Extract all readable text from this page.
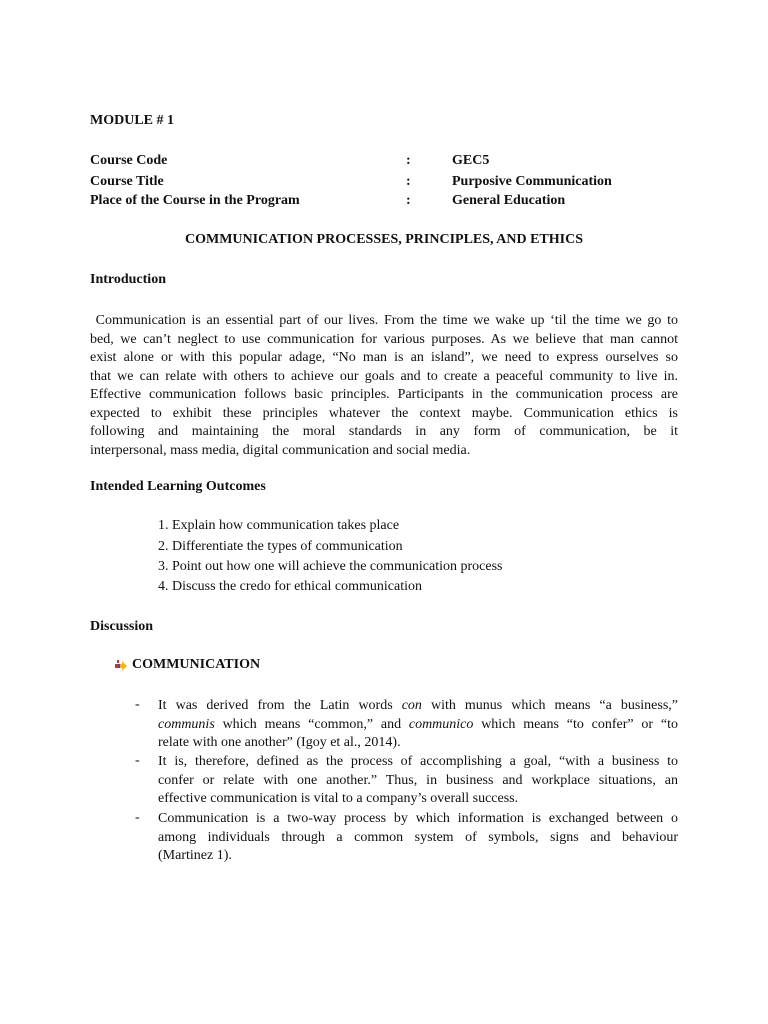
MODULE # 1
Course Code	:	GEC5
Course Title	:	Purposive Communication
Place of the Course in the Program	:	General Education
COMMUNICATION PROCESSES, PRINCIPLES, AND ETHICS
Introduction
Communication is an essential part of our lives. From the time we wake up ‘til the time we go to
bed, we can’t neglect to use communication for various purposes. As we believe that man cannot
exist alone or with this popular adage, “No man is an island”, we need to express ourselves so
that we can relate with others to achieve our goals and to create a peaceful community to live in.
Effective communication follows basic principles. Participants in the communication process are
expected to exhibit these principles whatever the context maybe. Communication ethics is
following and maintaining the moral standards in any form of communication, be it
interpersonal, mass media, digital communication and social media.
Intended Learning Outcomes
1. Explain how communication takes place
2. Differentiate the types of communication
3. Point out how one will achieve the communication process
4. Discuss the credo for ethical communication
Discussion
COMMUNICATION
- It was derived from the Latin words con with munus which means “a business,”
communis which means “common,” and communico which means “to confer” or “to
relate with one another” (Igoy et al., 2014).
- It is, therefore, defined as the process of accomplishing a goal, “with a business to
confer or relate with one another.” Thus, in business and workplace situations, an
effective communication is vital to a company’s overall success.
- Communication is a two-way process by which information is exchanged between o
among individuals through a common system of symbols, signs and behaviour
(Martinez 1).
